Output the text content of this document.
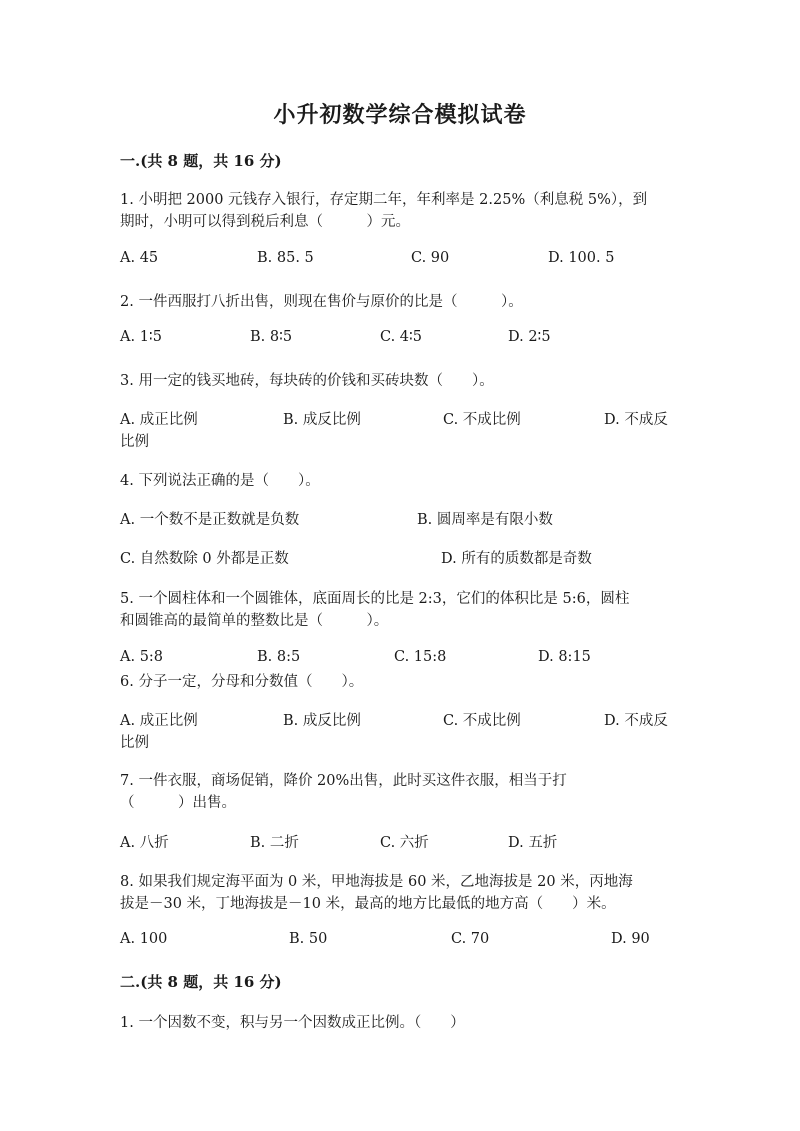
小升初数学综合模拟试卷
一.(共 8 题，共 16 分)
1. 小明把 2000 元钱存入银行，存定期二年，年利率是 2.25%（利息税 5%），到
期时，小明可以得到税后利息（　　　）元。
A. 45	B. 85. 5	C. 90	D. 100. 5
2. 一件西服打八折出售，则现在售价与原价的比是（　　　）。
A. 1∶5	B. 8∶5	C. 4∶5	D. 2∶5
3. 用一定的钱买地砖，每块砖的价钱和买砖块数（　　）。
A. 成正比例	B. 成反比例	C. 不成比例	D. 不成反
比例
4. 下列说法正确的是（　　）。
A. 一个数不是正数就是负数	B. 圆周率是有限小数
C. 自然数除 0 外都是正数	D. 所有的质数都是奇数
5. 一个圆柱体和一个圆锥体，底面周长的比是 2:3，它们的体积比是 5:6，圆柱
和圆锥高的最简单的整数比是（　　　）。
A. 5:8	B. 8:5	C. 15:8	D. 8:15
6. 分子一定，分母和分数值（　　）。
A. 成正比例	B. 成反比例	C. 不成比例	D. 不成反
比例
7. 一件衣服，商场促销，降价 20%出售，此时买这件衣服，相当于打
（　　　）出售。
A. 八折	B. 二折	C. 六折	D. 五折
8. 如果我们规定海平面为 0 米，甲地海拔是 60 米，乙地海拔是 20 米，丙地海
拔是－30 米，丁地海拔是－10 米，最高的地方比最低的地方高（　　）米。
A. 100	B. 50	C. 70	D. 90
二.(共 8 题，共 16 分)
1. 一个因数不变，积与另一个因数成正比例。（　　）
